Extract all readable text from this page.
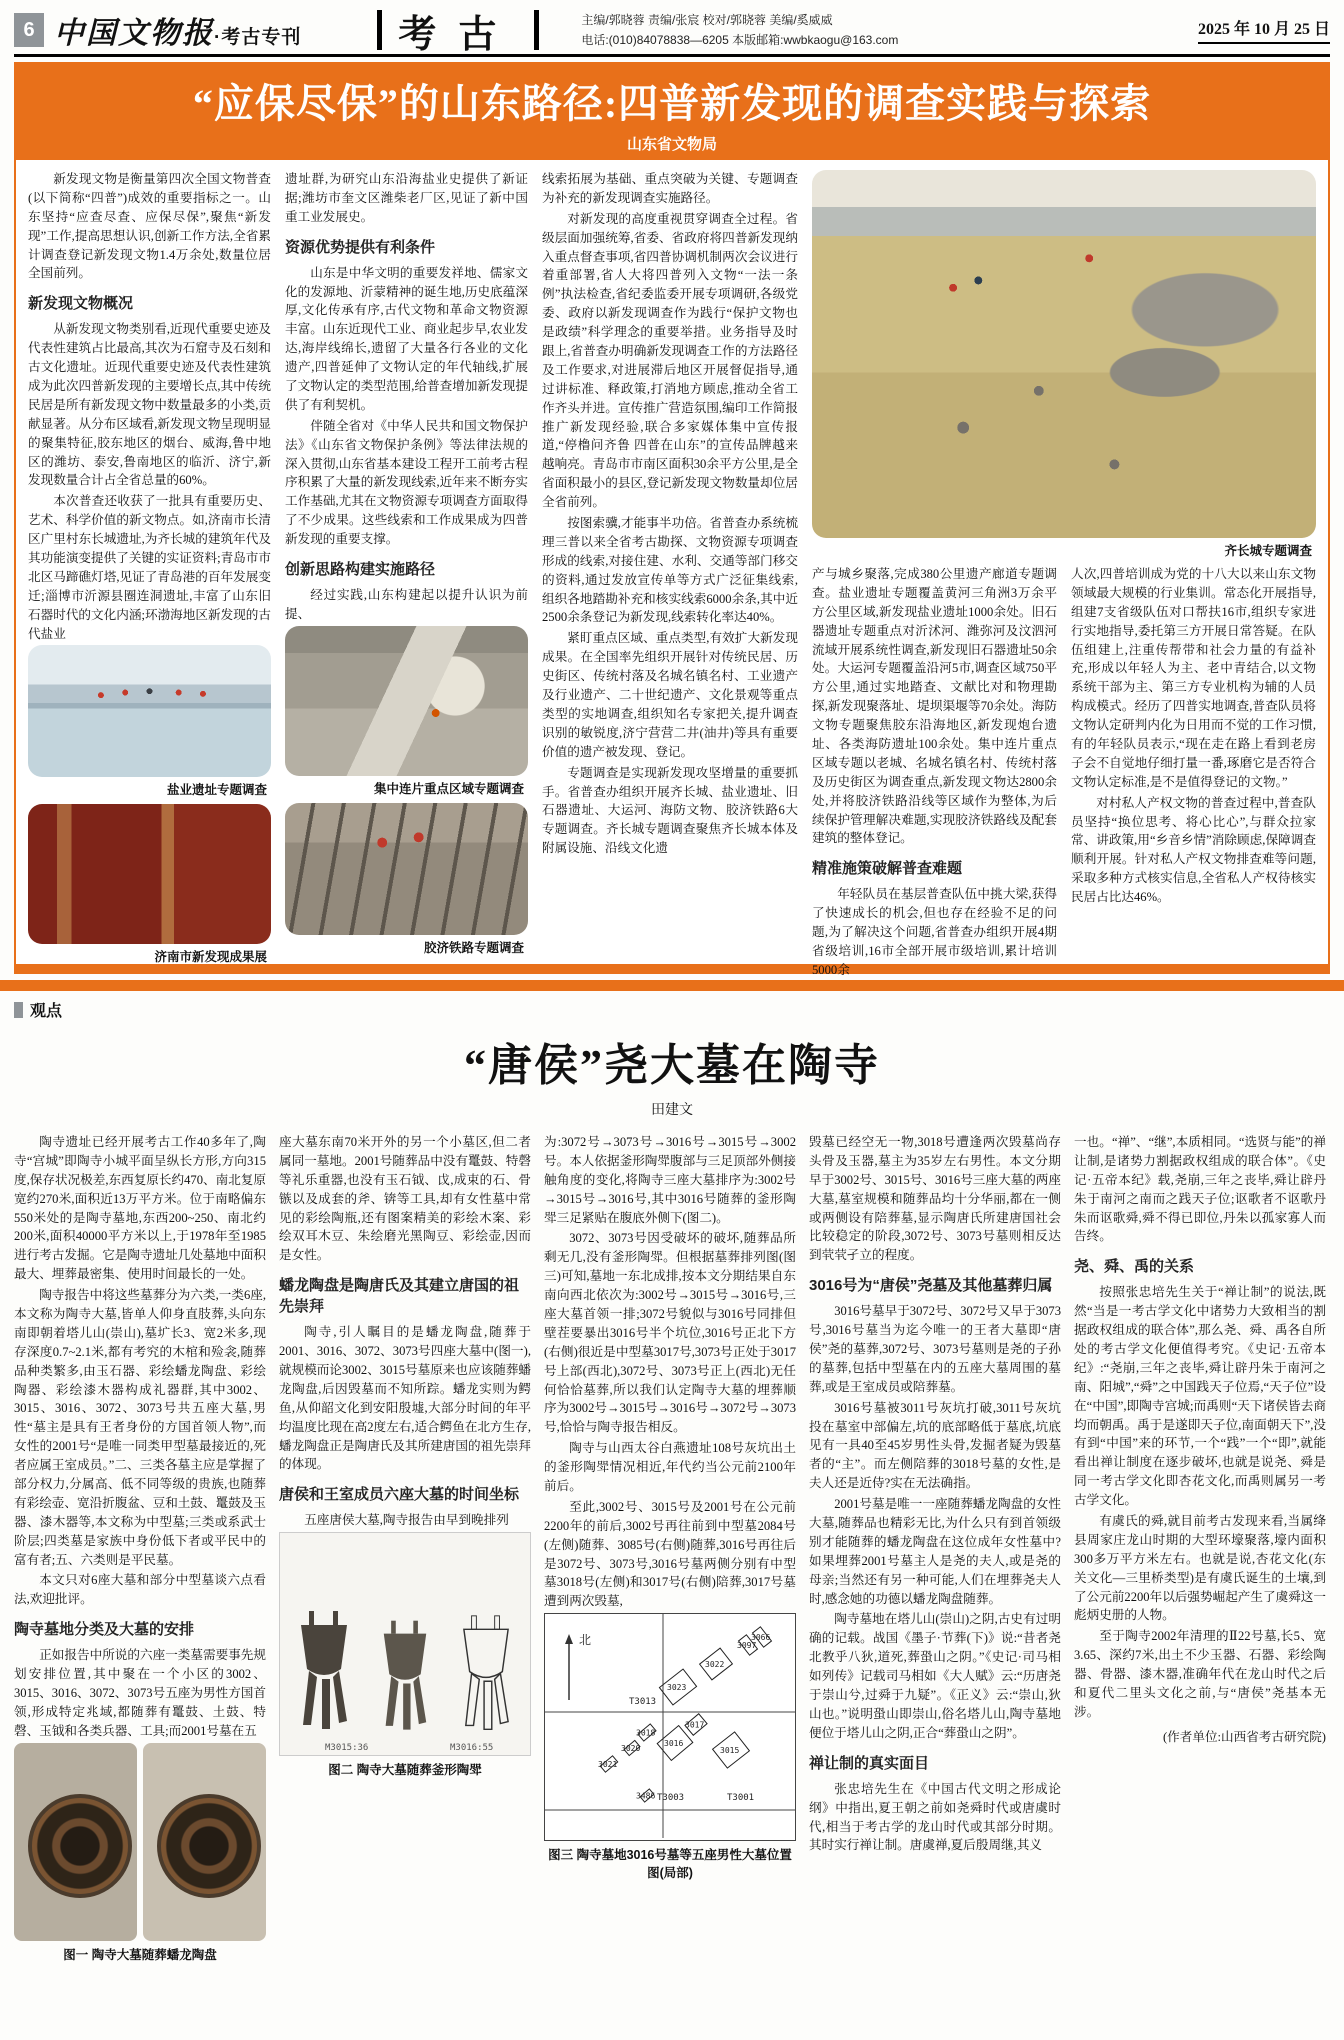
6 中国文物报·考古专刊	考古	主编/郭晓蓉 责编/张宸 校对/郭晓蓉 美编/奚威威
电话:(010)84078838—6205 本版邮箱:wwbkaogu@163.com
2025 年 10 月 25 日
“应保尽保”的山东路径:四普新发现的调查实践与探索
山东省文物局

新发现文物是衡量第四次全国文物普查(以下简称“四普”)成效的重要指标之一。山东坚持“应查尽查、应保尽保”,聚焦“新发现”工作,提高思想认识,创新工作方法,全省累计调查登记新发现文物1.4万余处,数量位居全国前列。

新发现文物概况

从新发现文物类别看,近现代重要史迹及代表性建筑占比最高,其次为石窟寺及石刻和古文化遗址。近现代重要史迹及代表性建筑成为此次四普新发现的主要增长点,其中传统民居是所有新发现文物中数量最多的小类,贡献显著。从分布区域看,新发现文物呈现明显的聚集特征,胶东地区的烟台、威海,鲁中地区的潍坊、泰安,鲁南地区的临沂、济宁,新发现数量合计占全省总量的60%。

本次普查还收获了一批具有重要历史、艺术、科学价值的新文物点。如,济南市长清区广里村东长城遗址,为齐长城的建筑年代及其功能演变提供了关键的实证资料;青岛市市北区马蹄礁灯塔,见证了青岛港的百年发展变迁;淄博市沂源县圈连洞遗址,丰富了山东旧石器时代的文化内涵;环渤海地区新发现的古代盐业

盐业遗址专题调查
济南市新发现成果展

遗址群,为研究山东沿海盐业史提供了新证据;潍坊市奎文区潍柴老厂区,见证了新中国重工业发展史。

资源优势提供有利条件

山东是中华文明的重要发祥地、儒家文化的发源地、沂蒙精神的诞生地,历史底蕴深厚,文化传承有序,古代文物和革命文物资源丰富。山东近现代工业、商业起步早,农业发达,海岸线绵长,遗留了大量各行各业的文化遗产,四普延伸了文物认定的年代轴线,扩展了文物认定的类型范围,给普查增加新发现提供了有利契机。

伴随全省对《中华人民共和国文物保护法》《山东省文物保护条例》等法律法规的深入贯彻,山东省基本建设工程开工前考古程序积累了大量的新发现线索,近年来不断夯实工作基础,尤其在文物资源专项调查方面取得了不少成果。这些线索和工作成果成为四普新发现的重要支撑。

创新思路构建实施路径

经过实践,山东构建起以提升认识为前提、

集中连片重点区域专题调查
胶济铁路专题调查

线索拓展为基础、重点突破为关键、专题调查为补充的新发现调查实施路径。

对新发现的高度重视贯穿调查全过程。省级层面加强统筹,省委、省政府将四普新发现纳入重点督查事项,省四普协调机制两次会议进行着重部署,省人大将四普列入文物“一法一条例”执法检查,省纪委监委开展专项调研,各级党委、政府以新发现调查作为践行“保护文物也是政绩”科学理念的重要举措。业务指导及时跟上,省普查办明确新发现调查工作的方法路径及工作要求,对进展滞后地区开展督促指导,通过讲标准、释政策,打消地方顾虑,推动全省工作齐头并进。宣传推广营造氛围,编印工作简报推广新发现经验,联合多家媒体集中宣传报道,“停橹问齐鲁 四普在山东”的宣传品牌越来越响亮。青岛市市南区面积30余平方公里,是全省面积最小的县区,登记新发现文物数量却位居全省前列。

按图索骥,才能事半功倍。省普查办系统梳理三普以来全省考古勘探、文物资源专项调查形成的线索,对接住建、水利、交通等部门移交的资料,通过发放宣传单等方式广泛征集线索,组织各地踏勘补充和核实线索6000余条,其中近2500余条登记为新发现,线索转化率达40%。

紧盯重点区域、重点类型,有效扩大新发现成果。在全国率先组织开展针对传统民居、历史街区、传统村落及名城名镇名村、工业遗产及行业遗产、二十世纪遗产、文化景观等重点类型的实地调查,组织知名专家把关,提升调查识别的敏锐度,济宁营营二井(油井)等具有重要价值的遗产被发现、登记。

专题调查是实现新发现攻坚增量的重要抓手。省普查办组织开展齐长城、盐业遗址、旧石器遗址、大运河、海防文物、胶济铁路6大专题调查。齐长城专题调查聚焦齐长城本体及附属设施、沿线文化遗

齐长城专题调查

产与城乡聚落,完成380公里遗产廊道专题调查。盐业遗址专题覆盖黄河三角洲3万余平方公里区域,新发现盐业遗址1000余处。旧石器遗址专题重点对沂沭河、潍弥河及汶泗河流域开展系统性调查,新发现旧石器遗址50余处。大运河专题覆盖沿河5市,调查区域750平方公里,通过实地踏查、文献比对和物理勘探,新发现聚落址、堤坝渠堰等70余处。海防文物专题聚焦胶东沿海地区,新发现炮台遗址、各类海防遗址100余处。集中连片重点区域专题以老城、名城名镇名村、传统村落及历史街区为调查重点,新发现文物达2800余处,并将胶济铁路沿线等区域作为整体,为后续保护管理解决难题,实现胶济铁路线及配套建筑的整体登记。

精准施策破解普查难题

年轻队员在基层普查队伍中挑大梁,获得了快速成长的机会,但也存在经验不足的问题,为了解决这个问题,省普查办组织开展4期省级培训,16市全部开展市级培训,累计培训5000余

人次,四普培训成为党的十八大以来山东文物领域最大规模的行业集训。常态化开展指导,组建7支省级队伍对口帮扶16市,组织专家进行实地指导,委托第三方开展日常答疑。在队伍组建上,注重传帮带和社会力量的有益补充,形成以年轻人为主、老中青结合,以文物系统干部为主、第三方专业机构为辅的人员构成模式。经历了四普实地调查,普查队员将文物认定研判内化为日用而不觉的工作习惯,有的年轻队员表示,“现在走在路上看到老房子会不自觉地仔细打量一番,琢磨它是否符合文物认定标准,是不是值得登记的文物。”

对村私人产权文物的普查过程中,普查队员坚持“换位思考、将心比心”,与群众拉家常、讲政策,用“乡音乡情”消除顾虑,保障调查顺利开展。针对私人产权文物排查难等问题,采取多种方式核实信息,全省私人产权待核实民居占比达46%。

观点
“唐侯”尧大墓在陶寺
田建文

陶寺遗址已经开展考古工作40多年了,陶寺“宫城”即陶寺小城平面呈纵长方形,方向315度,保存状况极差,东西复原长约470、南北复原宽约270米,面积近13万平方米。位于南略偏东550米处的是陶寺墓地,东西200~250、南北约200米,面积40000平方米以上,于1978年至1985进行考古发掘。它是陶寺遗址几处墓地中面积最大、埋葬最密集、使用时间最长的一处。

陶寺报告中将这些墓葬分为六类,一类6座,本文称为陶寺大墓,皆单人仰身直肢葬,头向东南即朝着塔儿山(崇山),墓圹长3、宽2米多,现存深度0.7~2.1米,都有考究的木棺和殓衾,随葬品种类繁多,由玉石器、彩绘蟠龙陶盘、彩绘陶器、彩绘漆木器构成礼器群,其中3002、3015、3016、3072、3073号共五座大墓,男性“墓主是具有王者身份的方国首领人物”,而女性的2001号“是唯一同类甲型墓最接近的,死者应属王室成员。”二、三类各墓主应是掌握了部分权力,分属高、低不同等级的贵族,也随葬有彩绘壶、宽沿折腹盆、豆和土鼓、鼍鼓及玉器、漆木器等,本文称为中型墓;三类或系武士阶层;四类墓是家族中身份低下者或平民中的富有者;五、六类则是平民墓。

本文只对6座大墓和部分中型墓谈六点看法,欢迎批评。

陶寺墓地分类及大墓的安排

正如报告中所说的六座一类墓需要事先规划安排位置,其中聚在一个小区的3002、3015、3016、3072、3073号五座为男性方国首领,形成特定兆域,都随葬有鼍鼓、土鼓、特磬、玉钺和各类兵器、工具;而2001号墓在五

图一 陶寺大墓随葬蟠龙陶盘

座大墓东南70米开外的另一个小墓区,但二者属同一墓地。2001号随葬品中没有鼍鼓、特磬等礼乐重器,也没有玉石钺、戉,成束的石、骨镞以及成套的斧、锛等工具,却有女性墓中常见的彩绘陶瓶,还有图案精美的彩绘木案、彩绘双耳木豆、朱绘磨光黑陶豆、彩绘壶,因而是女性。

蟠龙陶盘是陶唐氏及其建立唐国的祖先崇拜

陶寺,引人瞩目的是蟠龙陶盘,随葬于2001、3016、3072、3073号四座大墓中(图一),就规模而论3002、3015号墓原来也应该随葬蟠龙陶盘,后因毁墓而不知所踪。蟠龙实则为鳄鱼,从仰韶文化到安阳殷墟,大部分时间的年平均温度比现在高2度左右,适合鳄鱼在北方生存,蟠龙陶盘正是陶唐氏及其所建唐国的祖先崇拜的体现。

唐侯和王室成员六座大墓的时间坐标

五座唐侯大墓,陶寺报告由早到晚排列

M3015:36	M3016:55
图二 陶寺大墓随葬釜形陶斝

为:3072号→3073号→3016号→3015号→3002号。本人依据釜形陶斝腹部与三足顶部外侧接触角度的变化,将陶寺三座大墓排序为:3002号→3015号→3016号,其中3016号随葬的釜形陶斝三足紧贴在腹底外侧下(图二)。

3072、3073号因受破坏的破坏,随葬品所剩无几,没有釜形陶斝。但根据墓葬排列图(图三)可知,墓地一东北成排,按本文分期结果自东南向西北依次为:3002号→3015号→3016号,三座大墓首领一排;3072号貌似与3016号同排但壁茬要暴出3016号半个坑位,3016号正北下方(右侧)很近是中型墓3017号,3073号正处于3017号上部(西北),3072号、3073号正上(西北)无任何恰恰墓葬,所以我们认定陶寺大墓的埋葬顺序为3002号→3015号→3016号→3072号→3073号,恰恰与陶寺报告相反。

陶寺与山西太谷白燕遗址108号灰坑出土的釜形陶斝情况相近,年代约当公元前2100年前后。

至此,3002号、3015号及2001号在公元前2200年的前后,3002号再往前到中型墓2084号(左侧)随葬、3085号(右侧)随葬,3016号再往后是3072号、3073号,3016号墓两侧分别有中型墓3018号(左侧)和3017号(右侧)陪葬,3017号墓遭到两次毁墓,

北
3023
3022
3097
3066
3017
3016
3018
3020
3021
3015
3486
T3013
T3003	T3001
图三 陶寺墓地3016号墓等五座男性大墓位置图(局部)

毁墓已经空无一物,3018号遭逢两次毁墓尚存头骨及玉器,墓主为35岁左右男性。本文分期早于3002号、3015号、3016号三座大墓的两座大墓,墓室规模和随葬品均十分华丽,都在一侧或两侧设有陪葬墓,显示陶唐氏所建唐国社会比较稳定的阶段,3072号、3073号墓则相反达到茕茕孑立的程度。

3016号为“唐侯”尧墓及其他墓葬归属

3016号墓早于3072号、3072号又早于3073号,3016号墓当为迄今唯一的王者大墓即“唐侯”尧的墓葬,3072号、3073号墓则是尧的子孙的墓葬,包括中型墓在内的五座大墓周围的墓葬,或是王室成员或陪葬墓。

3016号墓被3011号灰坑打破,3011号灰坑投在墓室中部偏左,坑的底部略低于墓底,坑底见有一具40至45岁男性头骨,发掘者疑为毁墓者的“主”。而左侧陪葬的3018号墓的女性,是夫人还是近侍?实在无法确指。

2001号墓是唯一一座随葬蟠龙陶盘的女性大墓,随葬品也精彩无比,为什么只有到首领级别才能随葬的蟠龙陶盘在这位成年女性墓中?如果埋葬2001号墓主人是尧的夫人,或是尧的母亲;当然还有另一种可能,人们在埋葬尧夫人时,感念她的功德以蟠龙陶盘随葬。

陶寺墓地在塔儿山(崇山)之阴,古史有过明确的记载。战国《墨子·节葬(下)》说:“昔者尧北教乎八狄,道死,葬蛩山之阴。”《史记·司马相如列传》记载司马相如《大人赋》云:“历唐尧于崇山兮,过舜于九疑”。《正义》云:“崇山,狄山也。”说明蛩山即崇山,俗名塔儿山,陶寺墓地便位于塔儿山之阴,正合“葬蛩山之阴”。

禅让制的真实面目

张忠培先生在《中国古代文明之形成论纲》中指出,夏王朝之前如尧舜时代或唐虞时代,相当于考古学的龙山时代或其部分时期。其时实行禅让制。唐虞禅,夏后殷周继,其义

一也。“禅”、“继”,本质相同。“选贤与能”的禅让制,是诸势力割据政权组成的联合体”。《史记·五帝本纪》载,尧崩,三年之丧毕,舜让辟丹朱于南河之南而之践天子位;讴歌者不讴歌丹朱而讴歌舜,舜不得已即位,丹朱以孤家寡人而告终。

尧、舜、禹的关系

按照张忠培先生关于“禅让制”的说法,既然“当是一考古学文化中诸势力大致相当的割据政权组成的联合体”,那么尧、舜、禹各自所处的考古学文化便值得考究。《史记·五帝本纪》:“尧崩,三年之丧毕,舜让辟丹朱于南河之南、阳城”,“舜”之中国践天子位焉,“天子位”设在“中国”,即陶寺宫城;而禹则“天下诸侯皆去商均而朝禹。禹于是遂即天子位,南面朝天下”,没有到“中国”来的环节,一个“践”一个“即”,就能看出禅让制度在逐步破坏,也就是说尧、舜是同一考古学文化即杏花文化,而禹则属另一考古学文化。

有虞氏的舜,就目前考古发现来看,当属绛县周家庄龙山时期的大型环壕聚落,壕内面积300多万平方米左右。也就是说,杏花文化(东关文化—三里桥类型)是有虞氏诞生的土壤,到了公元前2200年以后强势崛起产生了虞舜这一彪炳史册的人物。

至于陶寺2002年清理的Ⅱ22号墓,长5、宽3.65、深约7米,出土不少玉器、石器、彩绘陶器、骨器、漆木器,准确年代在龙山时代之后和夏代二里头文化之前,与“唐侯”尧基本无涉。

(作者单位:山西省考古研究院)
